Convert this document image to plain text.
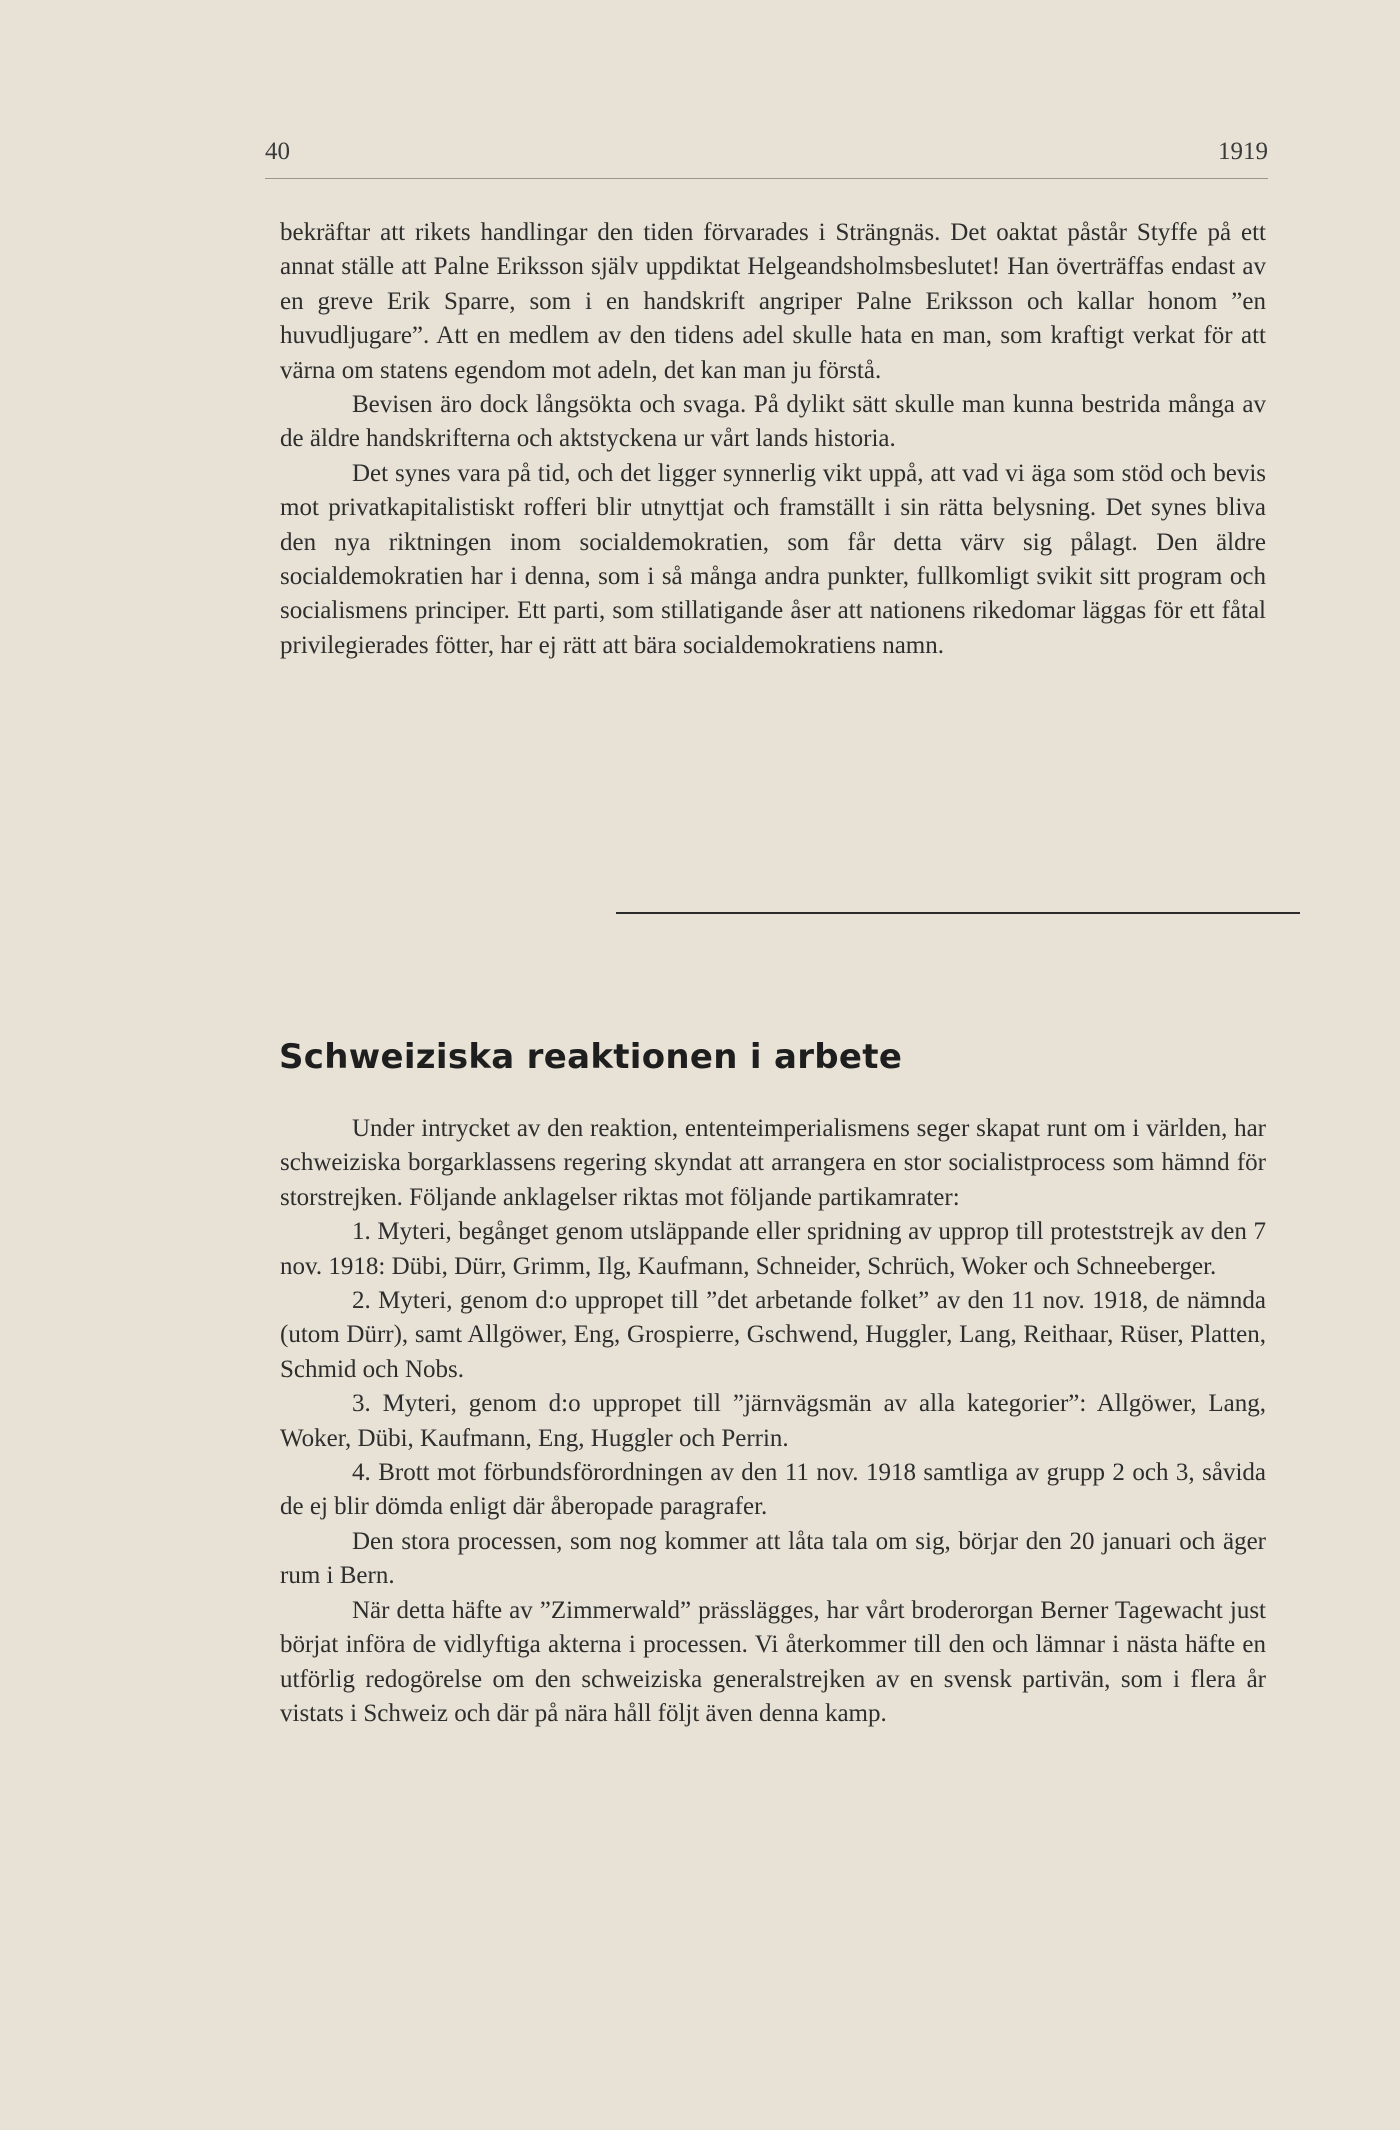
40	1919

bekräftar att rikets handlingar den tiden förvarades i Strängnäs. Det oaktat påstår Styffe på ett annat ställe att Palne Eriksson själv uppdiktat Helgeandsholmsbeslutet! Han överträffas endast av en greve Erik Sparre, som i en handskrift angriper Palne Eriksson och kallar honom ”en huvudljugare”. Att en medlem av den tidens adel skulle hata en man, som kraftigt verkat för att värna om statens egendom mot adeln, det kan man ju förstå.

Bevisen äro dock långsökta och svaga. På dylikt sätt skulle man kunna bestrida många av de äldre handskrifterna och aktstyckena ur vårt lands historia.

Det synes vara på tid, och det ligger synnerlig vikt uppå, att vad vi äga som stöd och bevis mot privatkapitalistiskt rofferi blir utnyttjat och framställt i sin rätta belysning. Det synes bliva den nya riktningen inom socialdemokratien, som får detta värv sig pålagt. Den äldre socialdemokratien har i denna, som i så många andra punkter, fullkomligt svikit sitt program och socialismens principer. Ett parti, som stillatigande åser att nationens rikedomar läggas för ett fåtal privilegierades fötter, har ej rätt att bära socialdemokratiens namn.

Schweiziska reaktionen i arbete

Under intrycket av den reaktion, ententeimperialismens seger skapat runt om i världen, har schweiziska borgarklassens regering skyndat att arrangera en stor socialistprocess som hämnd för storstrejken. Följande anklagelser riktas mot följande partikamrater:

1. Myteri, begånget genom utsläppande eller spridning av upprop till proteststrejk av den 7 nov. 1918: Dübi, Dürr, Grimm, Ilg, Kaufmann, Schneider, Schrüch, Woker och Schneeberger.

2. Myteri, genom d:o uppropet till ”det arbetande folket” av den 11 nov. 1918, de nämnda (utom Dürr), samt Allgöwer, Eng, Grospierre, Gschwend, Huggler, Lang, Reithaar, Rüser, Platten, Schmid och Nobs.

3. Myteri, genom d:o uppropet till ”järnvägsmän av alla kategorier”: Allgöwer, Lang, Woker, Dübi, Kaufmann, Eng, Huggler och Perrin.

4. Brott mot förbundsförordningen av den 11 nov. 1918 samtliga av grupp 2 och 3, såvida de ej blir dömda enligt där åberopade paragrafer.

Den stora processen, som nog kommer att låta tala om sig, börjar den 20 januari och äger rum i Bern.

När detta häfte av ”Zimmerwald” prässlägges, har vårt broderorgan Berner Tagewacht just börjat införa de vidlyftiga akterna i processen. Vi återkommer till den och lämnar i nästa häfte en utförlig redogörelse om den schweiziska generalstrejken av en svensk partivän, som i flera år vistats i Schweiz och där på nära håll följt även denna kamp.
